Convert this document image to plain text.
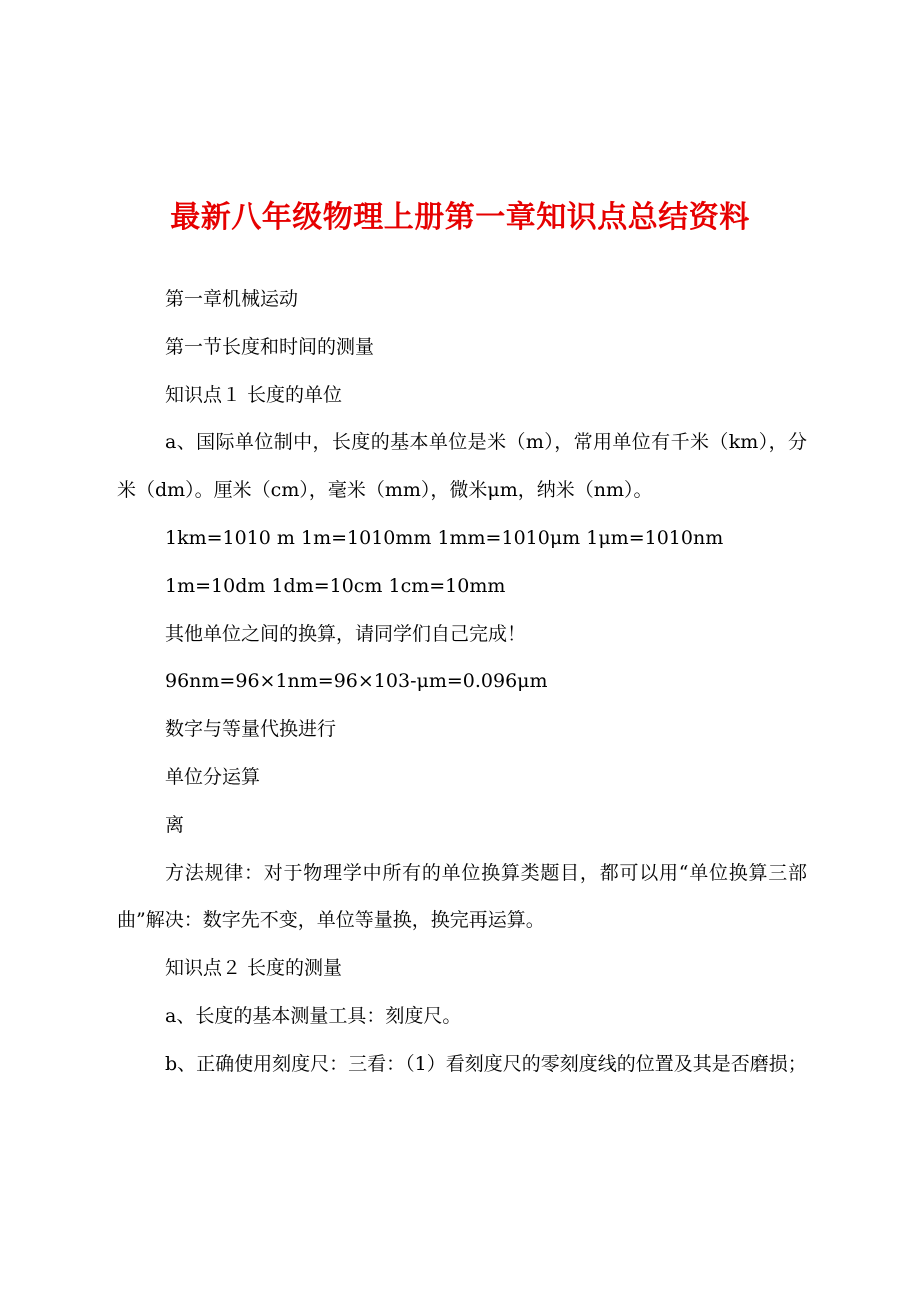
最新八年级物理上册第一章知识点总结资料

第一章机械运动

第一节长度和时间的测量

知识点１ 长度的单位

a、国际单位制中，长度的基本单位是米（m），常用单位有千米（km），分米（dm）。厘米（cm），毫米（mm），微米μm，纳米（nm）。

1km=1010 m 1m=1010mm 1mm=1010μm 1μm=1010nm

1m=10dm 1dm=10cm 1cm=10mm

其他单位之间的换算，请同学们自己完成！

96nm=96×1nm=96×103-μm=0.096μm

数字与等量代换进行

单位分运算

离

方法规律：对于物理学中所有的单位换算类题目，都可以用“单位换算三部曲”解决：数字先不变，单位等量换，换完再运算。

知识点２ 长度的测量

a、长度的基本测量工具：刻度尺。

b、正确使用刻度尺：三看：（1）看刻度尺的零刻度线的位置及其是否磨损；
